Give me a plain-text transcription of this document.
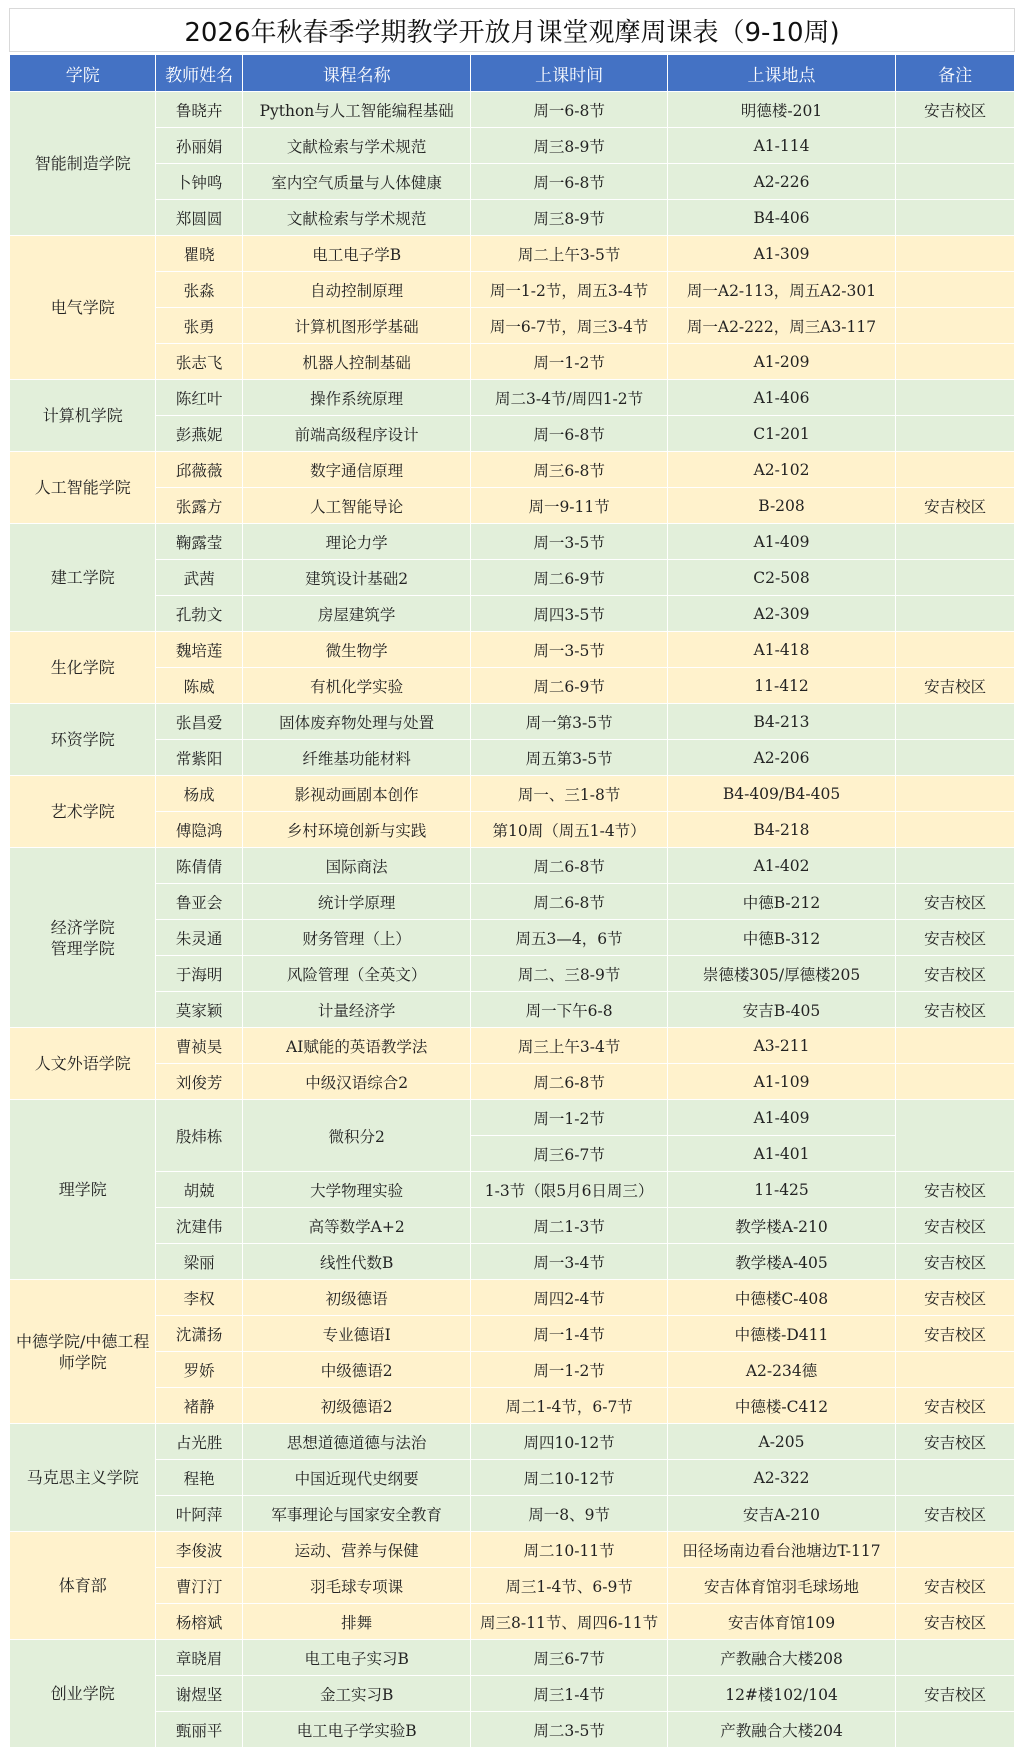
2026年秋春季学期教学开放月课堂观摩周课表（9-10周)
学院	教师姓名	课程名称	上课时间	上课地点	备注
智能制造学院	鲁晓卉	Python与人工智能编程基础	周一6-8节	明德楼-201	安吉校区
	孙丽娟	文献检索与学术规范	周三8-9节	A1-114	
	卜钟鸣	室内空气质量与人体健康	周一6-8节	A2-226	
	郑圆圆	文献检索与学术规范	周三8-9节	B4-406	
电气学院	瞿晓	电工电子学B	周二上午3-5节	A1-309	
	张淼	自动控制原理	周一1-2节，周五3-4节	周一A2-113，周五A2-301	
	张勇	计算机图形学基础	周一6-7节，周三3-4节	周一A2-222，周三A3-117	
	张志飞	机器人控制基础	周一1-2节	A1-209	
计算机学院	陈红叶	操作系统原理	周二3-4节/周四1-2节	A1-406	
	彭燕妮	前端高级程序设计	周一6-8节	C1-201	
人工智能学院	邱薇薇	数字通信原理	周三6-8节	A2-102	
	张露方	人工智能导论	周一9-11节	B-208	安吉校区
建工学院	鞠露莹	理论力学	周一3-5节	A1-409	
	武茜	建筑设计基础2	周二6-9节	C2-508	
	孔勃文	房屋建筑学	周四3-5节	A2-309	
生化学院	魏培莲	微生物学	周一3-5节	A1-418	
	陈威	有机化学实验	周二6-9节	11-412	安吉校区
环资学院	张昌爱	固体废弃物处理与处置	周一第3-5节	B4-213	
	常紫阳	纤维基功能材料	周五第3-5节	A2-206	
艺术学院	杨成	影视动画剧本创作	周一、三1-8节	B4-409/B4-405	
	傅隐鸿	乡村环境创新与实践	第10周（周五1-4节）	B4-218	
经济学院
管理学院	陈倩倩	国际商法	周二6-8节	A1-402	
	鲁亚会	统计学原理	周二6-8节	中德B-212	安吉校区
	朱灵通	财务管理（上）	周五3—4，6节	中德B-312	安吉校区
	于海明	风险管理（全英文）	周二、三8-9节	崇德楼305/厚德楼205	安吉校区
	莫家颖	计量经济学	周一下午6-8	安吉B-405	安吉校区
人文外语学院	曹祯昊	AI赋能的英语教学法	周三上午3-4节	A3-211	
	刘俊芳	中级汉语综合2	周二6-8节	A1-109	
理学院	殷炜栋	微积分2	周一1-2节	A1-409	
			周三6-7节	A1-401	
	胡兢	大学物理实验	1-3节（限5月6日周三）	11-425	安吉校区
	沈建伟	高等数学A+2	周二1-3节	教学楼A-210	安吉校区
	梁丽	线性代数B	周一3-4节	教学楼A-405	安吉校区
中德学院/中德工程师学院	李权	初级德语	周四2-4节	中德楼C-408	安吉校区
	沈潇扬	专业德语I	周一1-4节	中德楼-D411	安吉校区
	罗娇	中级德语2	周一1-2节	A2-234德	
	褚静	初级德语2	周二1-4节，6-7节	中德楼-C412	安吉校区
马克思主义学院	占光胜	思想道德道德与法治	周四10-12节	A-205	安吉校区
	程艳	中国近现代史纲要	周二10-12节	A2-322	
	叶阿萍	军事理论与国家安全教育	周一8、9节	安吉A-210	安吉校区
体育部	李俊波	运动、营养与保健	周二10-11节	田径场南边看台池塘边T-117	
	曹汀汀	羽毛球专项课	周三1-4节、6-9节	安吉体育馆羽毛球场地	安吉校区
	杨榕斌	排舞	周三8-11节、周四6-11节	安吉体育馆109	安吉校区
创业学院	章晓眉	电工电子实习B	周三6-7节	产教融合大楼208	
	谢煜坚	金工实习B	周三1-4节	12#楼102/104	安吉校区
	甄丽平	电工电子学实验B	周二3-5节	产教融合大楼204	
